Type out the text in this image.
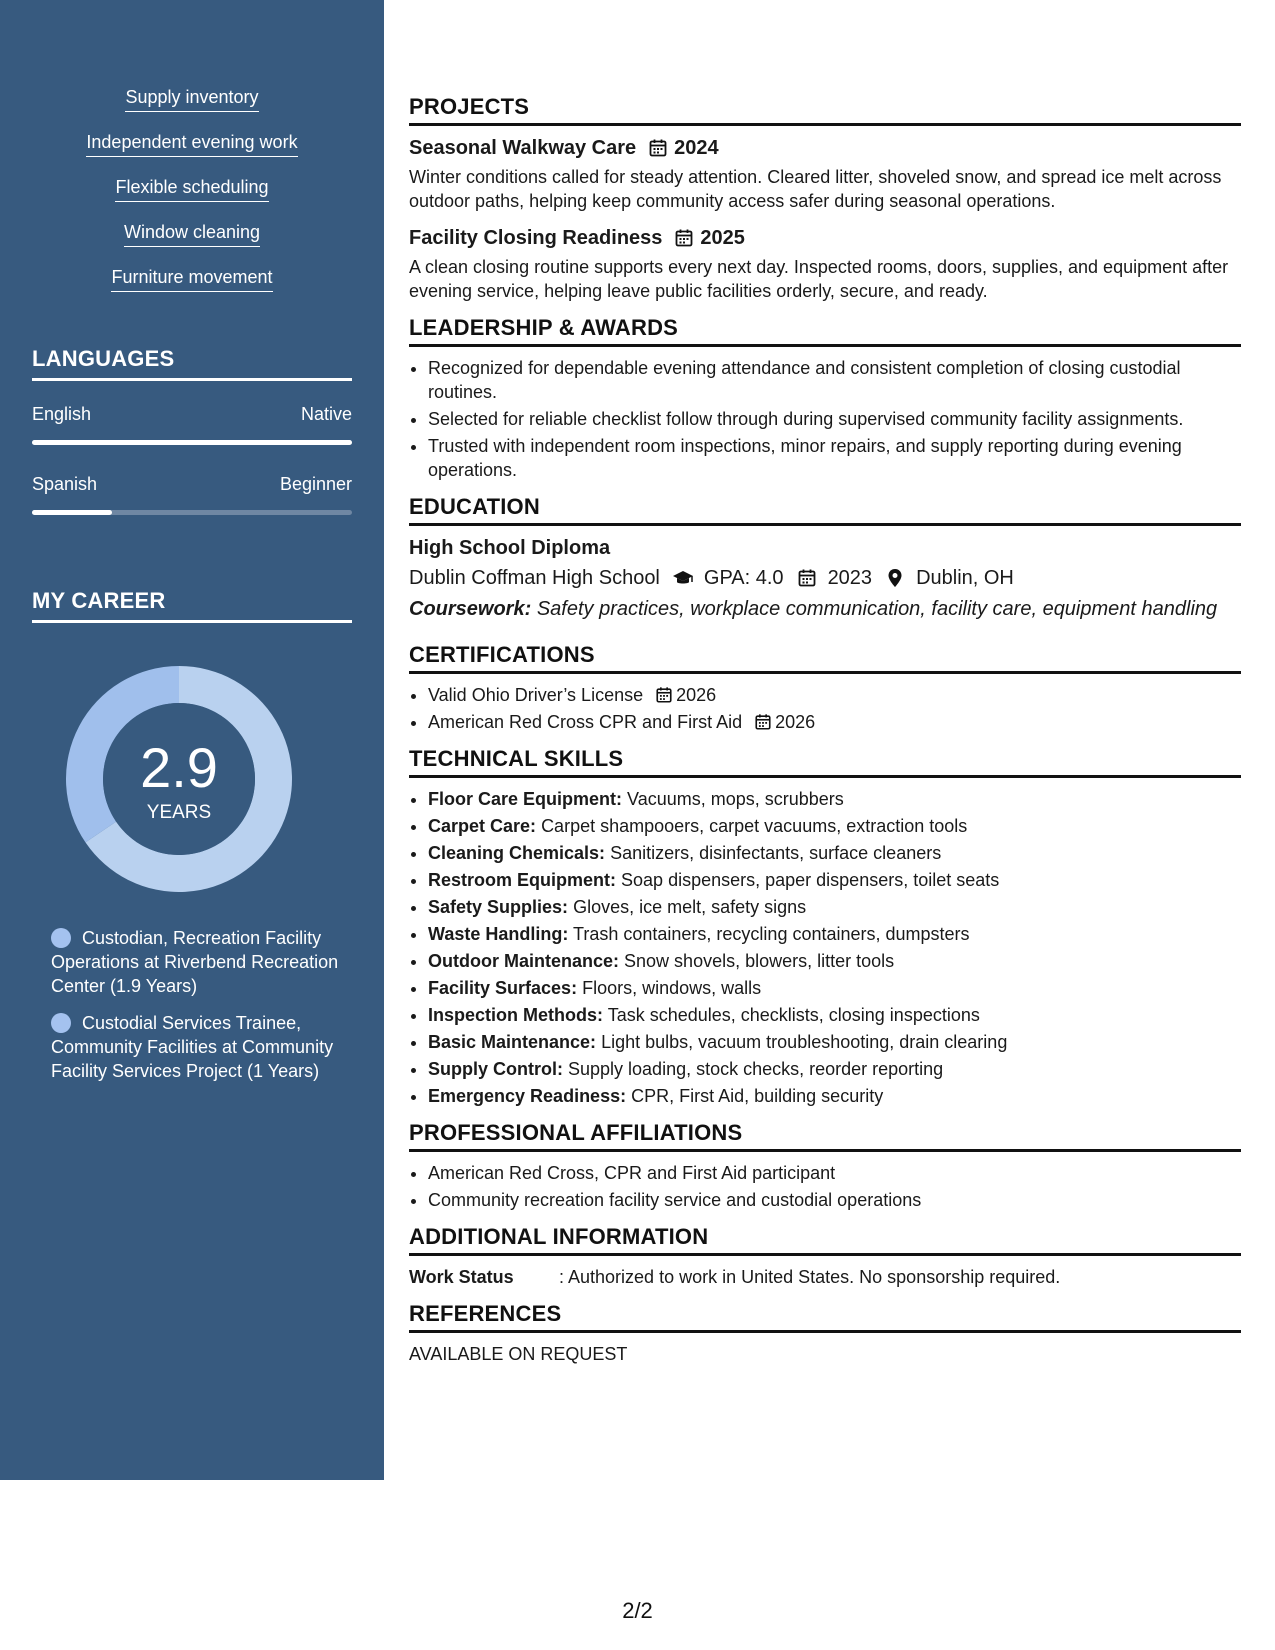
Supply inventory
Independent evening work
Flexible scheduling
Window cleaning
Furniture movement
LANGUAGES
English	Native
Spanish	Beginner
MY CAREER
2.9
YEARS
Custodian, Recreation Facility Operations at Riverbend Recreation Center (1.9 Years)
Custodial Services Trainee, Community Facilities at Community Facility Services Project (1 Years)
PROJECTS
Seasonal Walkway Care 2024
Winter conditions called for steady attention. Cleared litter, shoveled snow, and spread ice melt across outdoor paths, helping keep community access safer during seasonal operations.
Facility Closing Readiness 2025
A clean closing routine supports every next day. Inspected rooms, doors, supplies, and equipment after evening service, helping leave public facilities orderly, secure, and ready.
LEADERSHIP & AWARDS
• Recognized for dependable evening attendance and consistent completion of closing custodial routines.
• Selected for reliable checklist follow through during supervised community facility assignments.
• Trusted with independent room inspections, minor repairs, and supply reporting during evening operations.
EDUCATION
High School Diploma
Dublin Coffman High School GPA: 4.0 2023 Dublin, OH
Coursework: Safety practices, workplace communication, facility care, equipment handling
CERTIFICATIONS
• Valid Ohio Driver’s License 2026
• American Red Cross CPR and First Aid 2026
TECHNICAL SKILLS
• Floor Care Equipment: Vacuums, mops, scrubbers
• Carpet Care: Carpet shampooers, carpet vacuums, extraction tools
• Cleaning Chemicals: Sanitizers, disinfectants, surface cleaners
• Restroom Equipment: Soap dispensers, paper dispensers, toilet seats
• Safety Supplies: Gloves, ice melt, safety signs
• Waste Handling: Trash containers, recycling containers, dumpsters
• Outdoor Maintenance: Snow shovels, blowers, litter tools
• Facility Surfaces: Floors, windows, walls
• Inspection Methods: Task schedules, checklists, closing inspections
• Basic Maintenance: Light bulbs, vacuum troubleshooting, drain clearing
• Supply Control: Supply loading, stock checks, reorder reporting
• Emergency Readiness: CPR, First Aid, building security
PROFESSIONAL AFFILIATIONS
• American Red Cross, CPR and First Aid participant
• Community recreation facility service and custodial operations
ADDITIONAL INFORMATION
Work Status	: Authorized to work in United States. No sponsorship required.
REFERENCES
AVAILABLE ON REQUEST
2/2
